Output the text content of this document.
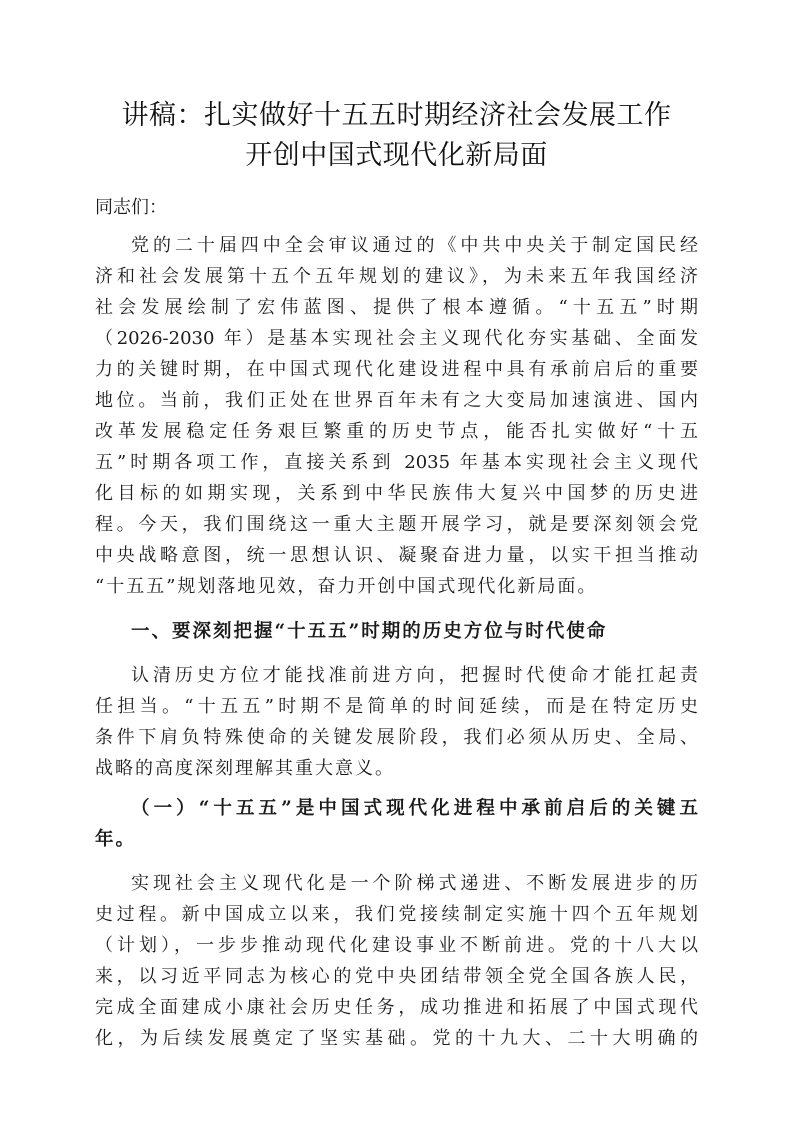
讲稿：扎实做好十五五时期经济社会发展工作
开创中国式现代化新局面
同志们：
党的二十届四中全会审议通过的《中共中央关于制定国民经
济和社会发展第十五个五年规划的建议》，为未来五年我国经济
社会发展绘制了宏伟蓝图、提供了根本遵循。“十五五”时期
（2026-2030 年）是基本实现社会主义现代化夯实基础、全面发
力的关键时期，在中国式现代化建设进程中具有承前启后的重要
地位。当前，我们正处在世界百年未有之大变局加速演进、国内
改革发展稳定任务艰巨繁重的历史节点，能否扎实做好“十五
五”时期各项工作，直接关系到 2035 年基本实现社会主义现代
化目标的如期实现，关系到中华民族伟大复兴中国梦的历史进
程。今天，我们围绕这一重大主题开展学习，就是要深刻领会党
中央战略意图，统一思想认识、凝聚奋进力量，以实干担当推动
“十五五”规划落地见效，奋力开创中国式现代化新局面。
一、要深刻把握“十五五”时期的历史方位与时代使命
认清历史方位才能找准前进方向，把握时代使命才能扛起责
任担当。“十五五”时期不是简单的时间延续，而是在特定历史
条件下肩负特殊使命的关键发展阶段，我们必须从历史、全局、
战略的高度深刻理解其重大意义。
（一）“十五五”是中国式现代化进程中承前启后的关键五
年。
实现社会主义现代化是一个阶梯式递进、不断发展进步的历
史过程。新中国成立以来，我们党接续制定实施十四个五年规划
（计划），一步步推动现代化建设事业不断前进。党的十八大以
来，以习近平同志为核心的党中央团结带领全党全国各族人民，
完成全面建成小康社会历史任务，成功推进和拓展了中国式现代
化，为后续发展奠定了坚实基础。党的十九大、二十大明确的
